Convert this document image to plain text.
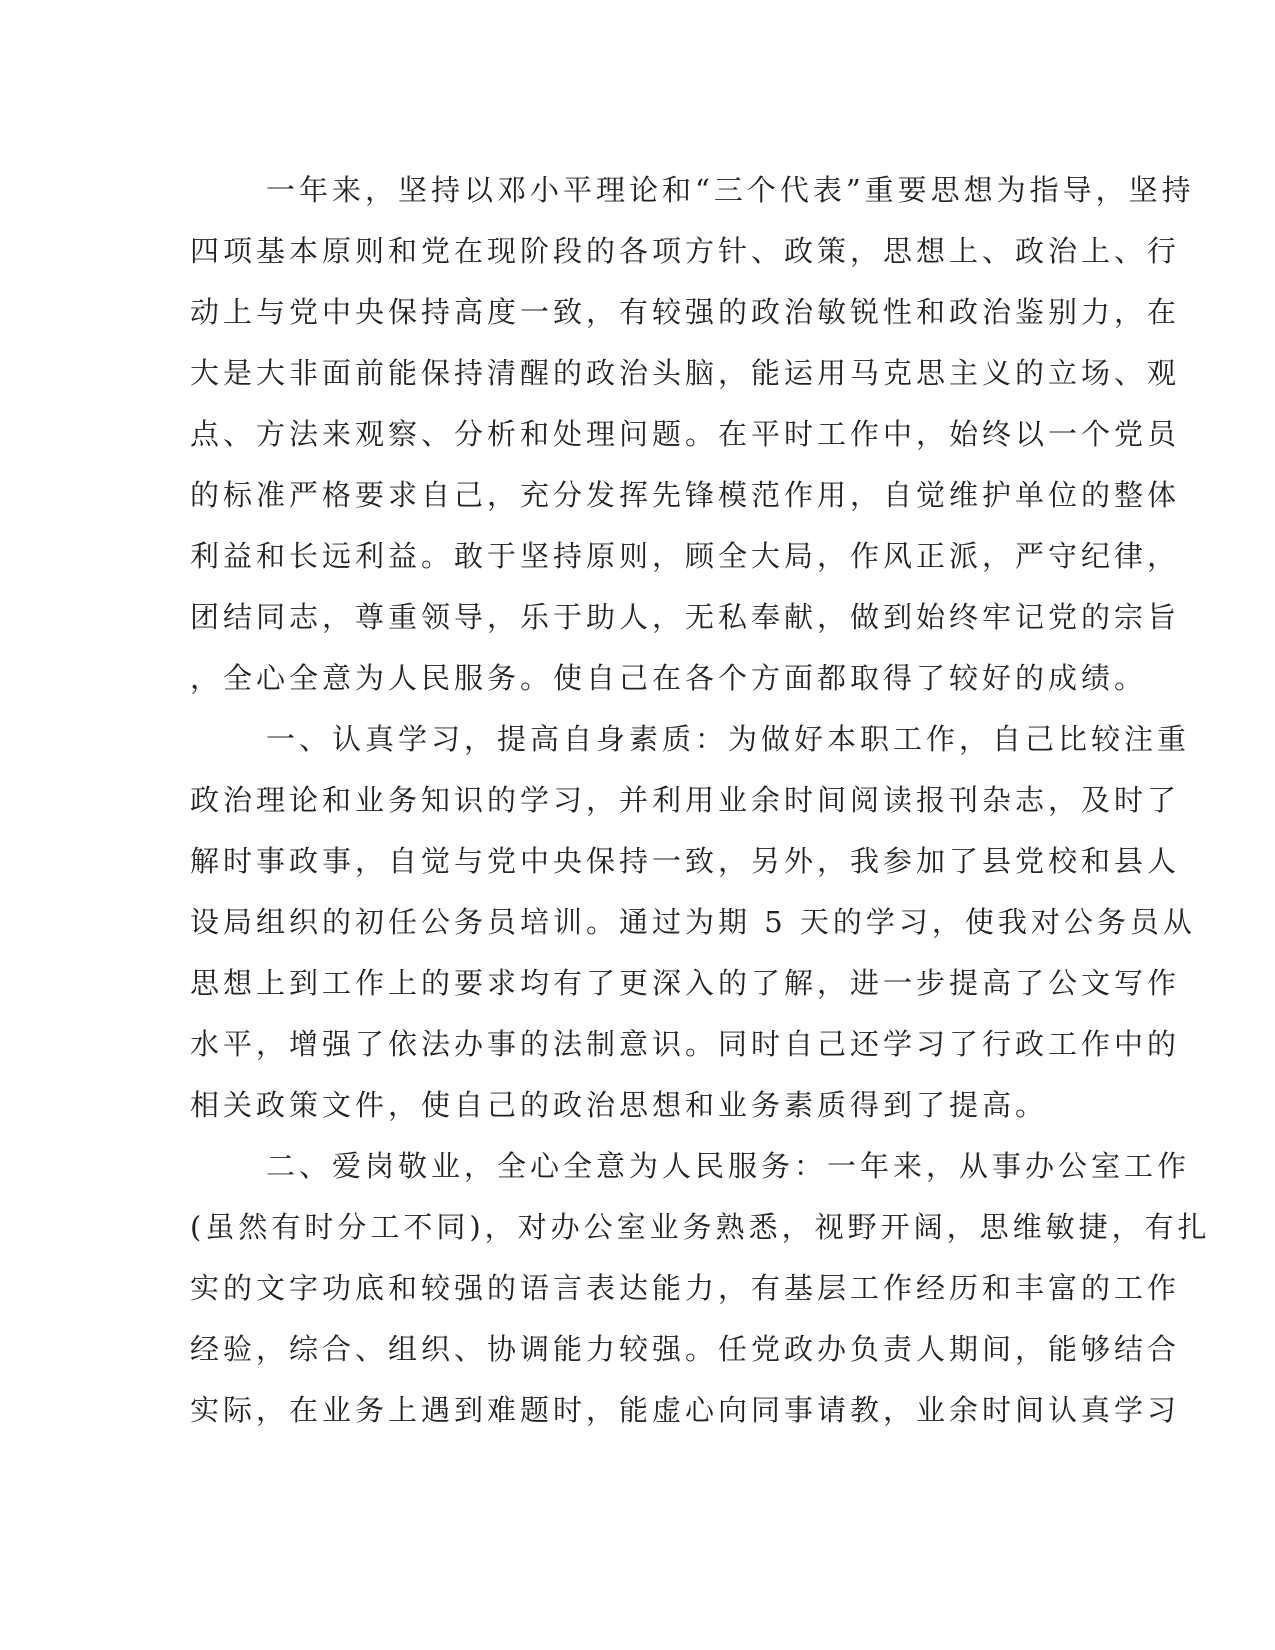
一年来，坚持以邓小平理论和“三个代表”重要思想为指导，坚持
四项基本原则和党在现阶段的各项方针、政策，思想上、政治上、行
动上与党中央保持高度一致，有较强的政治敏锐性和政治鉴别力，在
大是大非面前能保持清醒的政治头脑，能运用马克思主义的立场、观
点、方法来观察、分析和处理问题。在平时工作中，始终以一个党员
的标准严格要求自己，充分发挥先锋模范作用，自觉维护单位的整体
利益和长远利益。敢于坚持原则，顾全大局，作风正派，严守纪律，
团结同志，尊重领导，乐于助人，无私奉献，做到始终牢记党的宗旨
，全心全意为人民服务。使自己在各个方面都取得了较好的成绩。
一、认真学习，提高自身素质：为做好本职工作，自己比较注重
政治理论和业务知识的学习，并利用业余时间阅读报刊杂志，及时了
解时事政事，自觉与党中央保持一致，另外，我参加了县党校和县人
设局组织的初任公务员培训。通过为期 5 天的学习，使我对公务员从
思想上到工作上的要求均有了更深入的了解，进一步提高了公文写作
水平，增强了依法办事的法制意识。同时自己还学习了行政工作中的
相关政策文件，使自己的政治思想和业务素质得到了提高。
二、爱岗敬业，全心全意为人民服务：一年来，从事办公室工作
(虽然有时分工不同)，对办公室业务熟悉，视野开阔，思维敏捷，有扎
实的文字功底和较强的语言表达能力，有基层工作经历和丰富的工作
经验，综合、组织、协调能力较强。任党政办负责人期间，能够结合
实际，在业务上遇到难题时，能虚心向同事请教，业余时间认真学习
